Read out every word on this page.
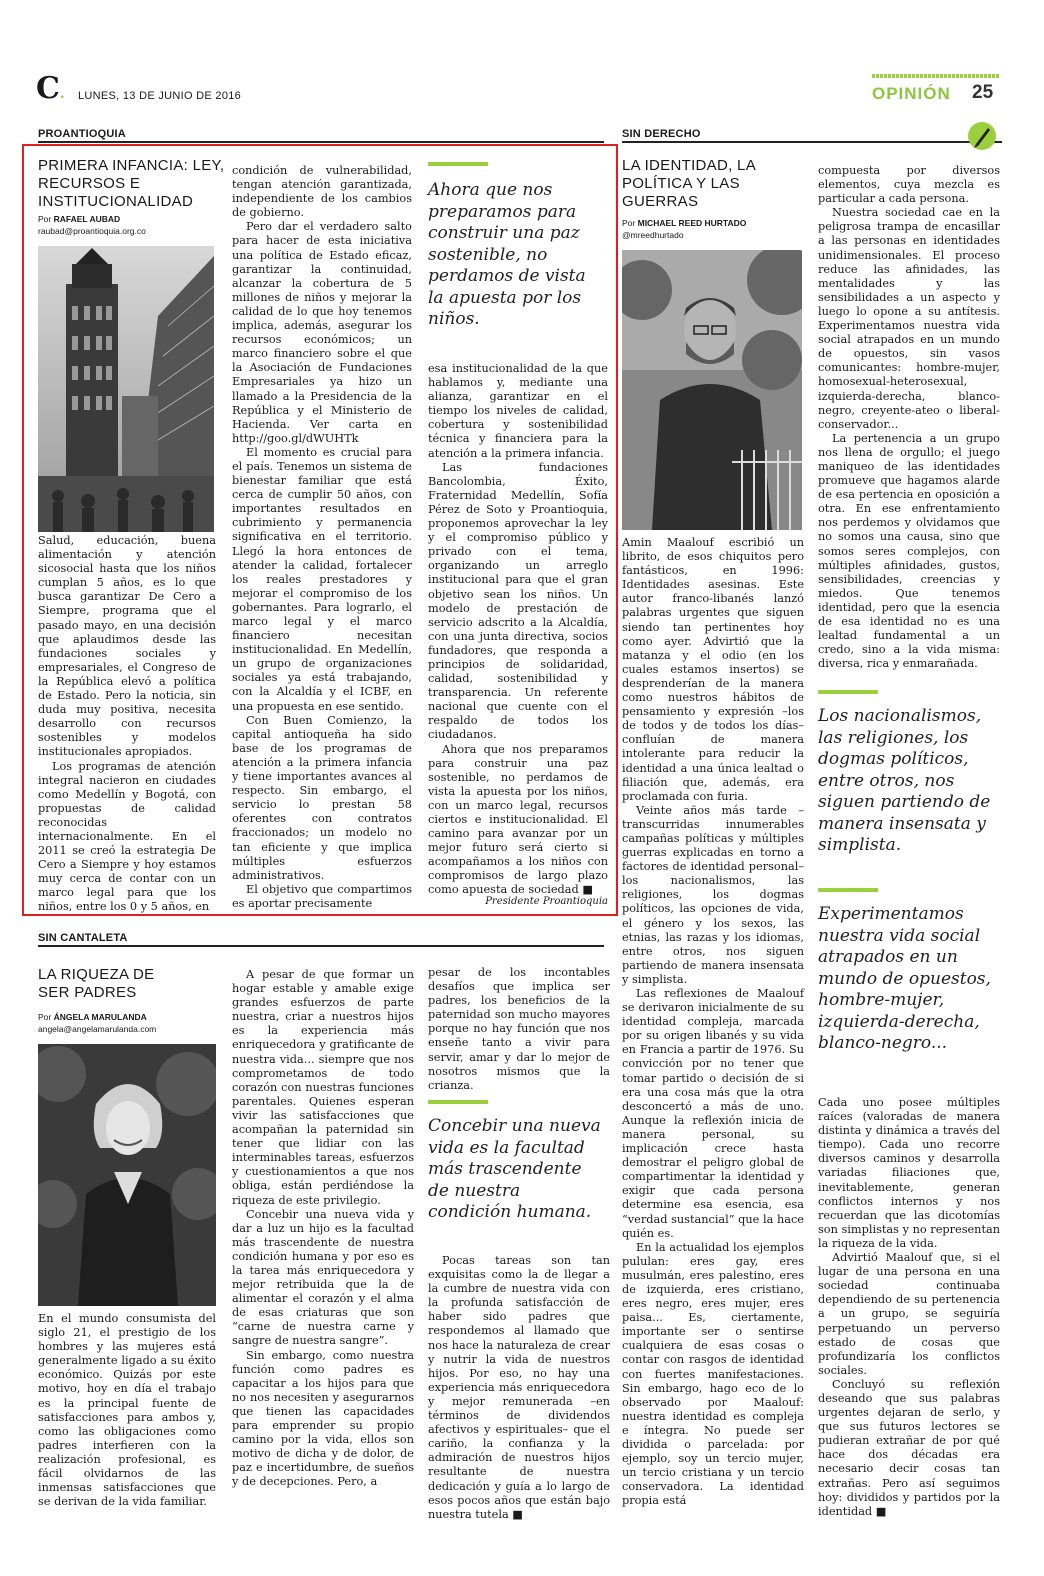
C. LUNES, 13 DE JUNIO DE 2016	OPINIÓN 25
PROANTIOQUIA
PRIMERA INFANCIA: LEY,
RECURSOS E
INSTITUCIONALIDAD
Por RAFAEL AUBAD
raubad@proantioquia.org.co

Salud, educación, buena alimentación y atención sicosocial hasta que los niños cumplan 5 años, es lo que busca garantizar De Cero a Siempre, programa que el pasado mayo, en una decisión que aplaudimos desde las fundaciones sociales y empresariales, el Congreso de la República elevó a política de Estado. Pero la noticia, sin duda muy positiva, necesita desarrollo con recursos sostenibles y modelos institucionales apropiados.

Los programas de atención integral nacieron en ciudades como Medellín y Bogotá, con propuestas de calidad reconocidas internacionalmente. En el 2011 se creó la estrategia De Cero a Siempre y hoy estamos muy cerca de contar con un marco legal para que los niños, entre los 0 y 5 años, en

condición de vulnerabilidad, tengan atención garantizada, independiente de los cambios de gobierno.

Pero dar el verdadero salto para hacer de esta iniciativa una política de Estado eficaz, garantizar la continuidad, alcanzar la cobertura de 5 millones de niños y mejorar la calidad de lo que hoy tenemos implica, además, asegurar los recursos económicos; un marco financiero sobre el que la Asociación de Fundaciones Empresariales ya hizo un llamado a la Presidencia de la República y el Ministerio de Hacienda. Ver carta en http://goo.gl/dWUHTk

El momento es crucial para el país. Tenemos un sistema de bienestar familiar que está cerca de cumplir 50 años, con importantes resultados en cubrimiento y permanencia significativa en el territorio. Llegó la hora entonces de atender la calidad, fortalecer los reales prestadores y mejorar el compromiso de los gobernantes. Para lograrlo, el marco legal y el marco financiero necesitan institucionalidad. En Medellín, un grupo de organizaciones sociales ya está trabajando, con la Alcaldía y el ICBF, en una propuesta en ese sentido.

Con Buen Comienzo, la capital antioqueña ha sido base de los programas de atención a la primera infancia y tiene importantes avances al respecto. Sin embargo, el servicio lo prestan 58 oferentes con contratos fraccionados; un modelo no tan eficiente y que implica múltiples esfuerzos administrativos.

El objetivo que compartimos es aportar precisamente

Ahora que nos preparamos para construir una paz sostenible, no perdamos de vista la apuesta por los niños.

esa institucionalidad de la que hablamos y, mediante una alianza, garantizar en el tiempo los niveles de calidad, cobertura y sostenibilidad técnica y financiera para la atención a la primera infancia.

Las fundaciones Bancolombia, Éxito, Fraternidad Medellín, Sofía Pérez de Soto y Proantioquia, proponemos aprovechar la ley y el compromiso público y privado con el tema, organizando un arreglo institucional para que el gran objetivo sean los niños. Un modelo de prestación de servicio adscrito a la Alcaldía, con una junta directiva, socios fundadores, que responda a principios de solidaridad, calidad, sostenibilidad y transparencia. Un referente nacional que cuente con el respaldo de todos los ciudadanos.

Ahora que nos preparamos para construir una paz sostenible, no perdamos de vista la apuesta por los niños, con un marco legal, recursos ciertos e institucionalidad. El camino para avanzar por un mejor futuro será cierto si acompañamos a los niños con compromisos de largo plazo como apuesta de sociedad ■

Presidente Proantioquia
SIN DERECHO
LA IDENTIDAD, LA
POLÍTICA Y LAS
GUERRAS
Por MICHAEL REED HURTADO
@mreedhurtado

Amin Maalouf escribió un librito, de esos chiquitos pero fantásticos, en 1996: Identidades asesinas. Este autor franco-libanés lanzó palabras urgentes que siguen siendo tan pertinentes hoy como ayer. Advirtió que la matanza y el odio (en los cuales estamos insertos) se desprenderían de la manera como nuestros hábitos de pensamiento y expresión –los de todos y de todos los días– confluían de manera intolerante para reducir la identidad a una única lealtad o filiación que, además, era proclamada con furia.

Veinte años más tarde –transcurridas innumerables campañas políticas y múltiples guerras explicadas en torno a factores de identidad personal– los nacionalismos, las religiones, los dogmas políticos, las opciones de vida, el género y los sexos, las etnias, las razas y los idiomas, entre otros, nos siguen partiendo de manera insensata y simplista.

Las reflexiones de Maalouf se derivaron inicialmente de su identidad compleja, marcada por su origen libanés y su vida en Francia a partir de 1976. Su convicción por no tener que tomar partido o decisión de si era una cosa más que la otra desconcertó a más de uno. Aunque la reflexión inicia de manera personal, su implicación crece hasta demostrar el peligro global de compartimentar la identidad y exigir que cada persona determine esa esencia, esa “verdad sustancial” que la hace quién es.

En la actualidad los ejemplos pululan: eres gay, eres musulmán, eres palestino, eres de izquierda, eres cristiano, eres negro, eres mujer, eres paisa... Es, ciertamente, importante ser o sentirse cualquiera de esas cosas o contar con rasgos de identidad con fuertes manifestaciones. Sin embargo, hago eco de lo observado por Maalouf: nuestra identidad es compleja e íntegra. No puede ser dividida o parcelada: por ejemplo, soy un tercio mujer, un tercio cristiana y un tercio conservadora. La identidad propia está

compuesta por diversos elementos, cuya mezcla es particular a cada persona.

Nuestra sociedad cae en la peligrosa trampa de encasillar a las personas en identidades unidimensionales. El proceso reduce las afinidades, las mentalidades y las sensibilidades a un aspecto y luego lo opone a su antítesis. Experimentamos nuestra vida social atrapados en un mundo de opuestos, sin vasos comunicantes: hombre-mujer, homosexual-heterosexual, izquierda-derecha, blanco-negro, creyente-ateo o liberal-conservador...

La pertenencia a un grupo nos llena de orgullo; el juego maniqueo de las identidades promueve que hagamos alarde de esa pertencia en oposición a otra. En ese enfrentamiento nos perdemos y olvidamos que no somos una causa, sino que somos seres complejos, con múltiples afinidades, gustos, sensibilidades, creencias y miedos. Que tenemos identidad, pero que la esencia de esa identidad no es una lealtad fundamental a un credo, sino a la vida misma: diversa, rica y enmarañada.

Los nacionalismos, las religiones, los dogmas políticos, entre otros, nos siguen partiendo de manera insensata y simplista.
Experimentamos nuestra vida social atrapados en un mundo de opuestos, hombre-mujer, izquierda-derecha, blanco-negro...

Cada uno posee múltiples raíces (valoradas de manera distinta y dinámica a través del tiempo). Cada uno recorre diversos caminos y desarrolla variadas filiaciones que, inevitablemente, generan conflictos internos y nos recuerdan que las dicotomías son simplistas y no representan la riqueza de la vida.

Advirtió Maalouf que, si el lugar de una persona en una sociedad continuaba dependiendo de su pertenencia a un grupo, se seguiría perpetuando un perverso estado de cosas que profundizaría los conflictos sociales.

Concluyó su reflexión deseando que sus palabras urgentes dejaran de serlo, y que sus futuros lectores se pudieran extrañar de por qué hace dos décadas era necesario decir cosas tan extrañas. Pero así seguimos hoy: divididos y partidos por la identidad ■

SIN CANTALETA
LA RIQUEZA DE
SER PADRES
Por ÁNGELA MARULANDA
angela@angelamarulanda.com

En el mundo consumista del siglo 21, el prestigio de los hombres y las mujeres está generalmente ligado a su éxito económico. Quizás por este motivo, hoy en día el trabajo es la principal fuente de satisfacciones para ambos y, como las obligaciones como padres interfieren con la realización profesional, es fácil olvidarnos de las inmensas satisfacciones que se derivan de la vida familiar.

A pesar de que formar un hogar estable y amable exige grandes esfuerzos de parte nuestra, criar a nuestros hijos es la experiencia más enriquecedora y gratificante de nuestra vida... siempre que nos comprometamos de todo corazón con nuestras funciones parentales. Quienes esperan vivir las satisfacciones que acompañan la paternidad sin tener que lidiar con las interminables tareas, esfuerzos y cuestionamientos a que nos obliga, están perdiéndose la riqueza de este privilegio.

Concebir una nueva vida y dar a luz un hijo es la facultad más trascendente de nuestra condición humana y por eso es la tarea más enriquecedora y mejor retribuida que la de alimentar el corazón y el alma de esas criaturas que son “carne de nuestra carne y sangre de nuestra sangre”.

Sin embargo, como nuestra función como padres es capacitar a los hijos para que no nos necesiten y asegurarnos que tienen las capacidades para emprender su propio camino por la vida, ellos son motivo de dicha y de dolor, de paz e incertidumbre, de sueños y de decepciones. Pero, a

pesar de los incontables desafíos que implica ser padres, los beneficios de la paternidad son mucho mayores porque no hay función que nos enseñe tanto a vivir para servir, amar y dar lo mejor de nosotros mismos que la crianza.

Concebir una nueva vida es la facultad más trascendente de nuestra condición humana.

Pocas tareas son tan exquisitas como la de llegar a la cumbre de nuestra vida con la profunda satisfacción de haber sido padres que respondemos al llamado que nos hace la naturaleza de crear y nutrir la vida de nuestros hijos. Por eso, no hay una experiencia más enriquecedora y mejor remunerada –en términos de dividendos afectivos y espirituales– que el cariño, la confianza y la admiración de nuestros hijos resultante de nuestra dedicación y guía a lo largo de esos pocos años que están bajo nuestra tutela ■
